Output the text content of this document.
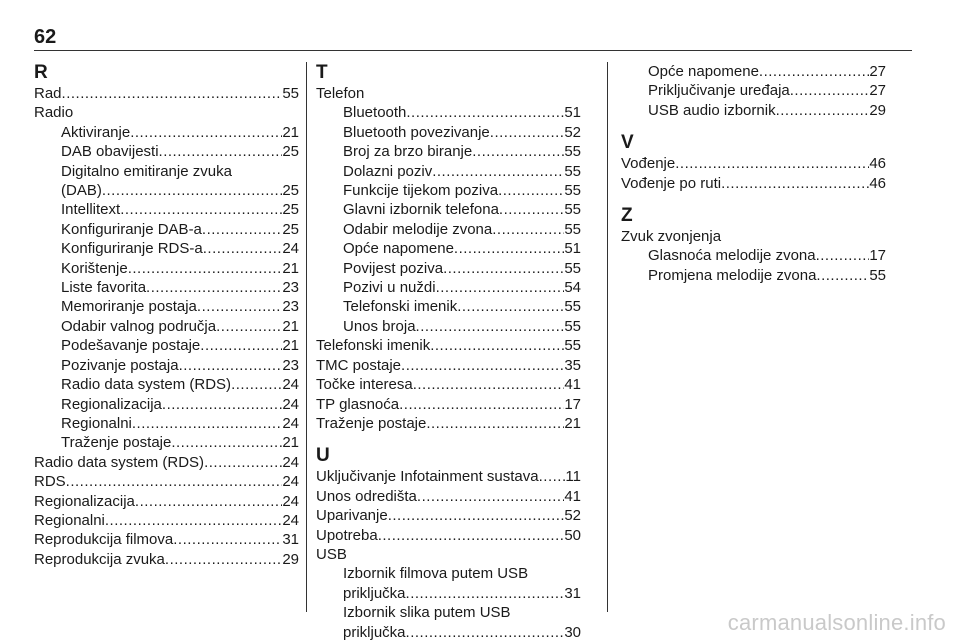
62
R
Rad .....	55
Radio
Aktiviranje .....	21
DAB obavijesti .....	25
Digitalno emitiranje zvuka
(DAB) .....	25
Intellitext .....	25
Konfiguriranje DAB-a .....	25
Konfiguriranje RDS-a .....	24
Korištenje .....	21
Liste favorita .....	23
Memoriranje postaja .....	23
Odabir valnog područja .....	21
Podešavanje postaje .....	21
Pozivanje postaja .....	23
Radio data system (RDS) .....	24
Regionalizacija .....	24
Regionalni .....	24
Traženje postaje .....	21
Radio data system (RDS) .....	24
RDS .....	24
Regionalizacija .....	24
Regionalni .....	24
Reprodukcija filmova .....	31
Reprodukcija zvuka .....	29
T
Telefon
Bluetooth .....	51
Bluetooth povezivanje .....	52
Broj za brzo biranje .....	55
Dolazni poziv .....	55
Funkcije tijekom poziva .....	55
Glavni izbornik telefona .....	55
Odabir melodije zvona .....	55
Opće napomene .....	51
Povijest poziva .....	55
Pozivi u nuždi .....	54
Telefonski imenik .....	55
Unos broja .....	55
Telefonski imenik .....	55
TMC postaje .....	35
Točke interesa .....	41
TP glasnoća .....	17
Traženje postaje .....	21
U
Uključivanje Infotainment sustava ..... 11
Unos odredišta .....	41
Uparivanje .....	52
Upotreba .....	50
USB
Izbornik filmova putem USB
priključka .....	31
Izbornik slika putem USB
priključka .....	30
Opće napomene .....	27
Priključivanje uređaja .....	27
USB audio izbornik .....	29
V
Vođenje .....	46
Vođenje po ruti .....	46
Z
Zvuk zvonjenja
Glasnoća melodije zvona .....	17
Promjena melodije zvona .....	55
carmanualsonline.info
